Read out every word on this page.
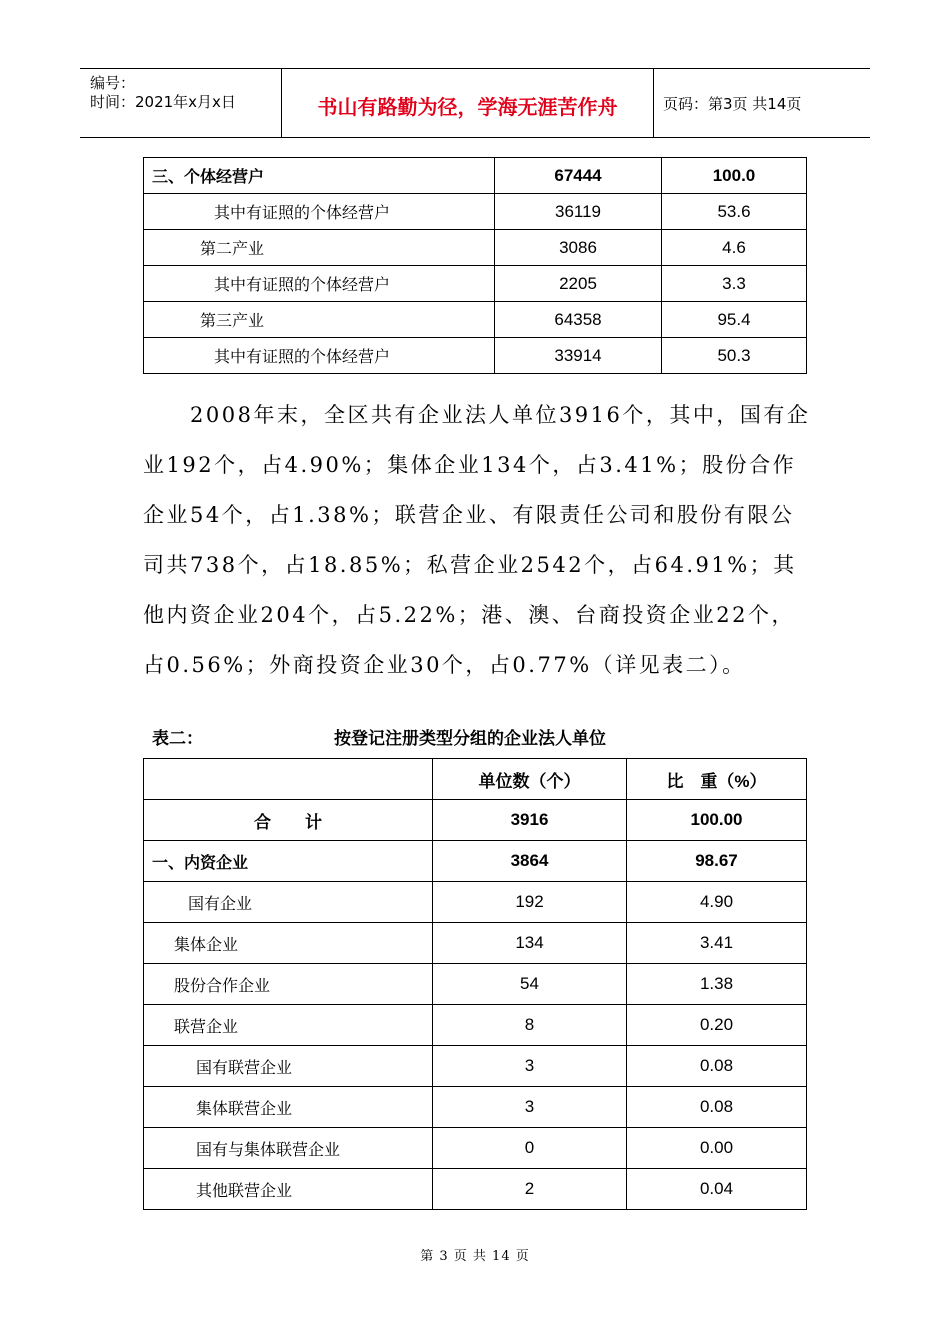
编号：
时间：2021年x月x日	书山有路勤为径，学海无涯苦作舟	页码：第3页 共14页
三、个体经营户	67444	100.0
其中有证照的个体经营户	36119	53.6
第二产业	3086	4.6
其中有证照的个体经营户	2205	3.3
第三产业	64358	95.4
其中有证照的个体经营户	33914	50.3

2008年末，全区共有企业法人单位3916个，其中，国有企业192个，占4.90%；集体企业134个，占3.41%；股份合作企业54个，占1.38%；联营企业、有限责任公司和股份有限公司共738个，占18.85%；私营企业2542个，占64.91%；其他内资企业204个，占5.22%；港、澳、台商投资企业22个，占0.56%；外商投资企业30个，占0.77%（详见表二）。

表二：	按登记注册类型分组的企业法人单位
	单位数（个）	比　重（%）
合　　计	3916	100.00
一、内资企业	3864	98.67
国有企业	192	4.90
集体企业	134	3.41
股份合作企业	54	1.38
联营企业	8	0.20
国有联营企业	3	0.08
集体联营企业	3	0.08
国有与集体联营企业	0	0.00
其他联营企业	2	0.04
第 3 页 共 14 页
